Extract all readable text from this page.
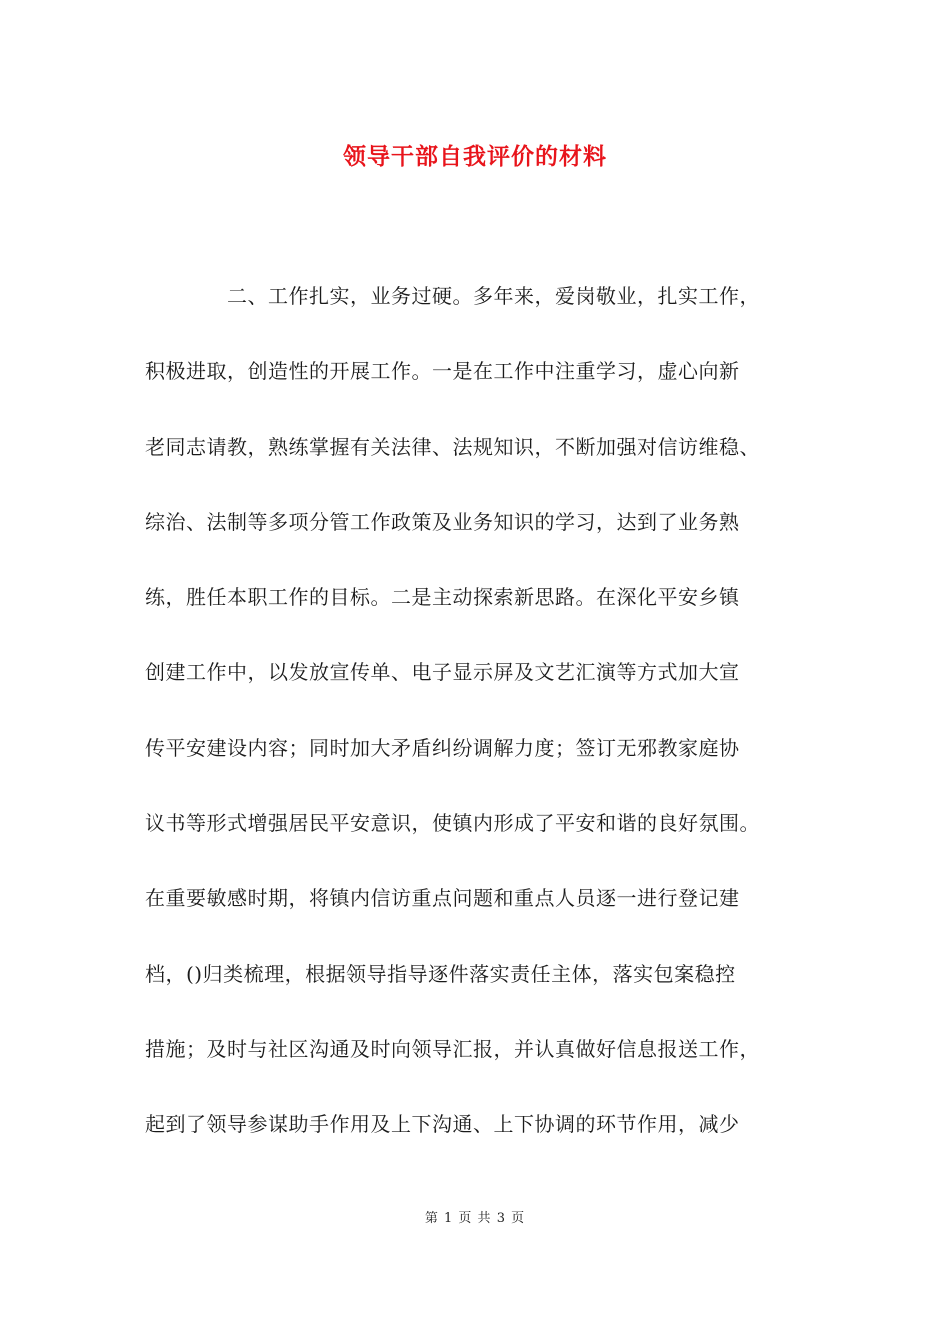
领导干部自我评价的材料
　　　　二、工作扎实，业务过硬。多年来，爱岗敬业，扎实工作，
积极进取，创造性的开展工作。一是在工作中注重学习，虚心向新
老同志请教，熟练掌握有关法律、法规知识，不断加强对信访维稳、
综治、法制等多项分管工作政策及业务知识的学习，达到了业务熟
练，胜任本职工作的目标。二是主动探索新思路。在深化平安乡镇
创建工作中，以发放宣传单、电子显示屏及文艺汇演等方式加大宣
传平安建设内容；同时加大矛盾纠纷调解力度；签订无邪教家庭协
议书等形式增强居民平安意识，使镇内形成了平安和谐的良好氛围。
在重要敏感时期，将镇内信访重点问题和重点人员逐一进行登记建
档，()归类梳理，根据领导指导逐件落实责任主体，落实包案稳控
措施；及时与社区沟通及时向领导汇报，并认真做好信息报送工作，
起到了领导参谋助手作用及上下沟通、上下协调的环节作用，减少
第 1 页 共 3 页
